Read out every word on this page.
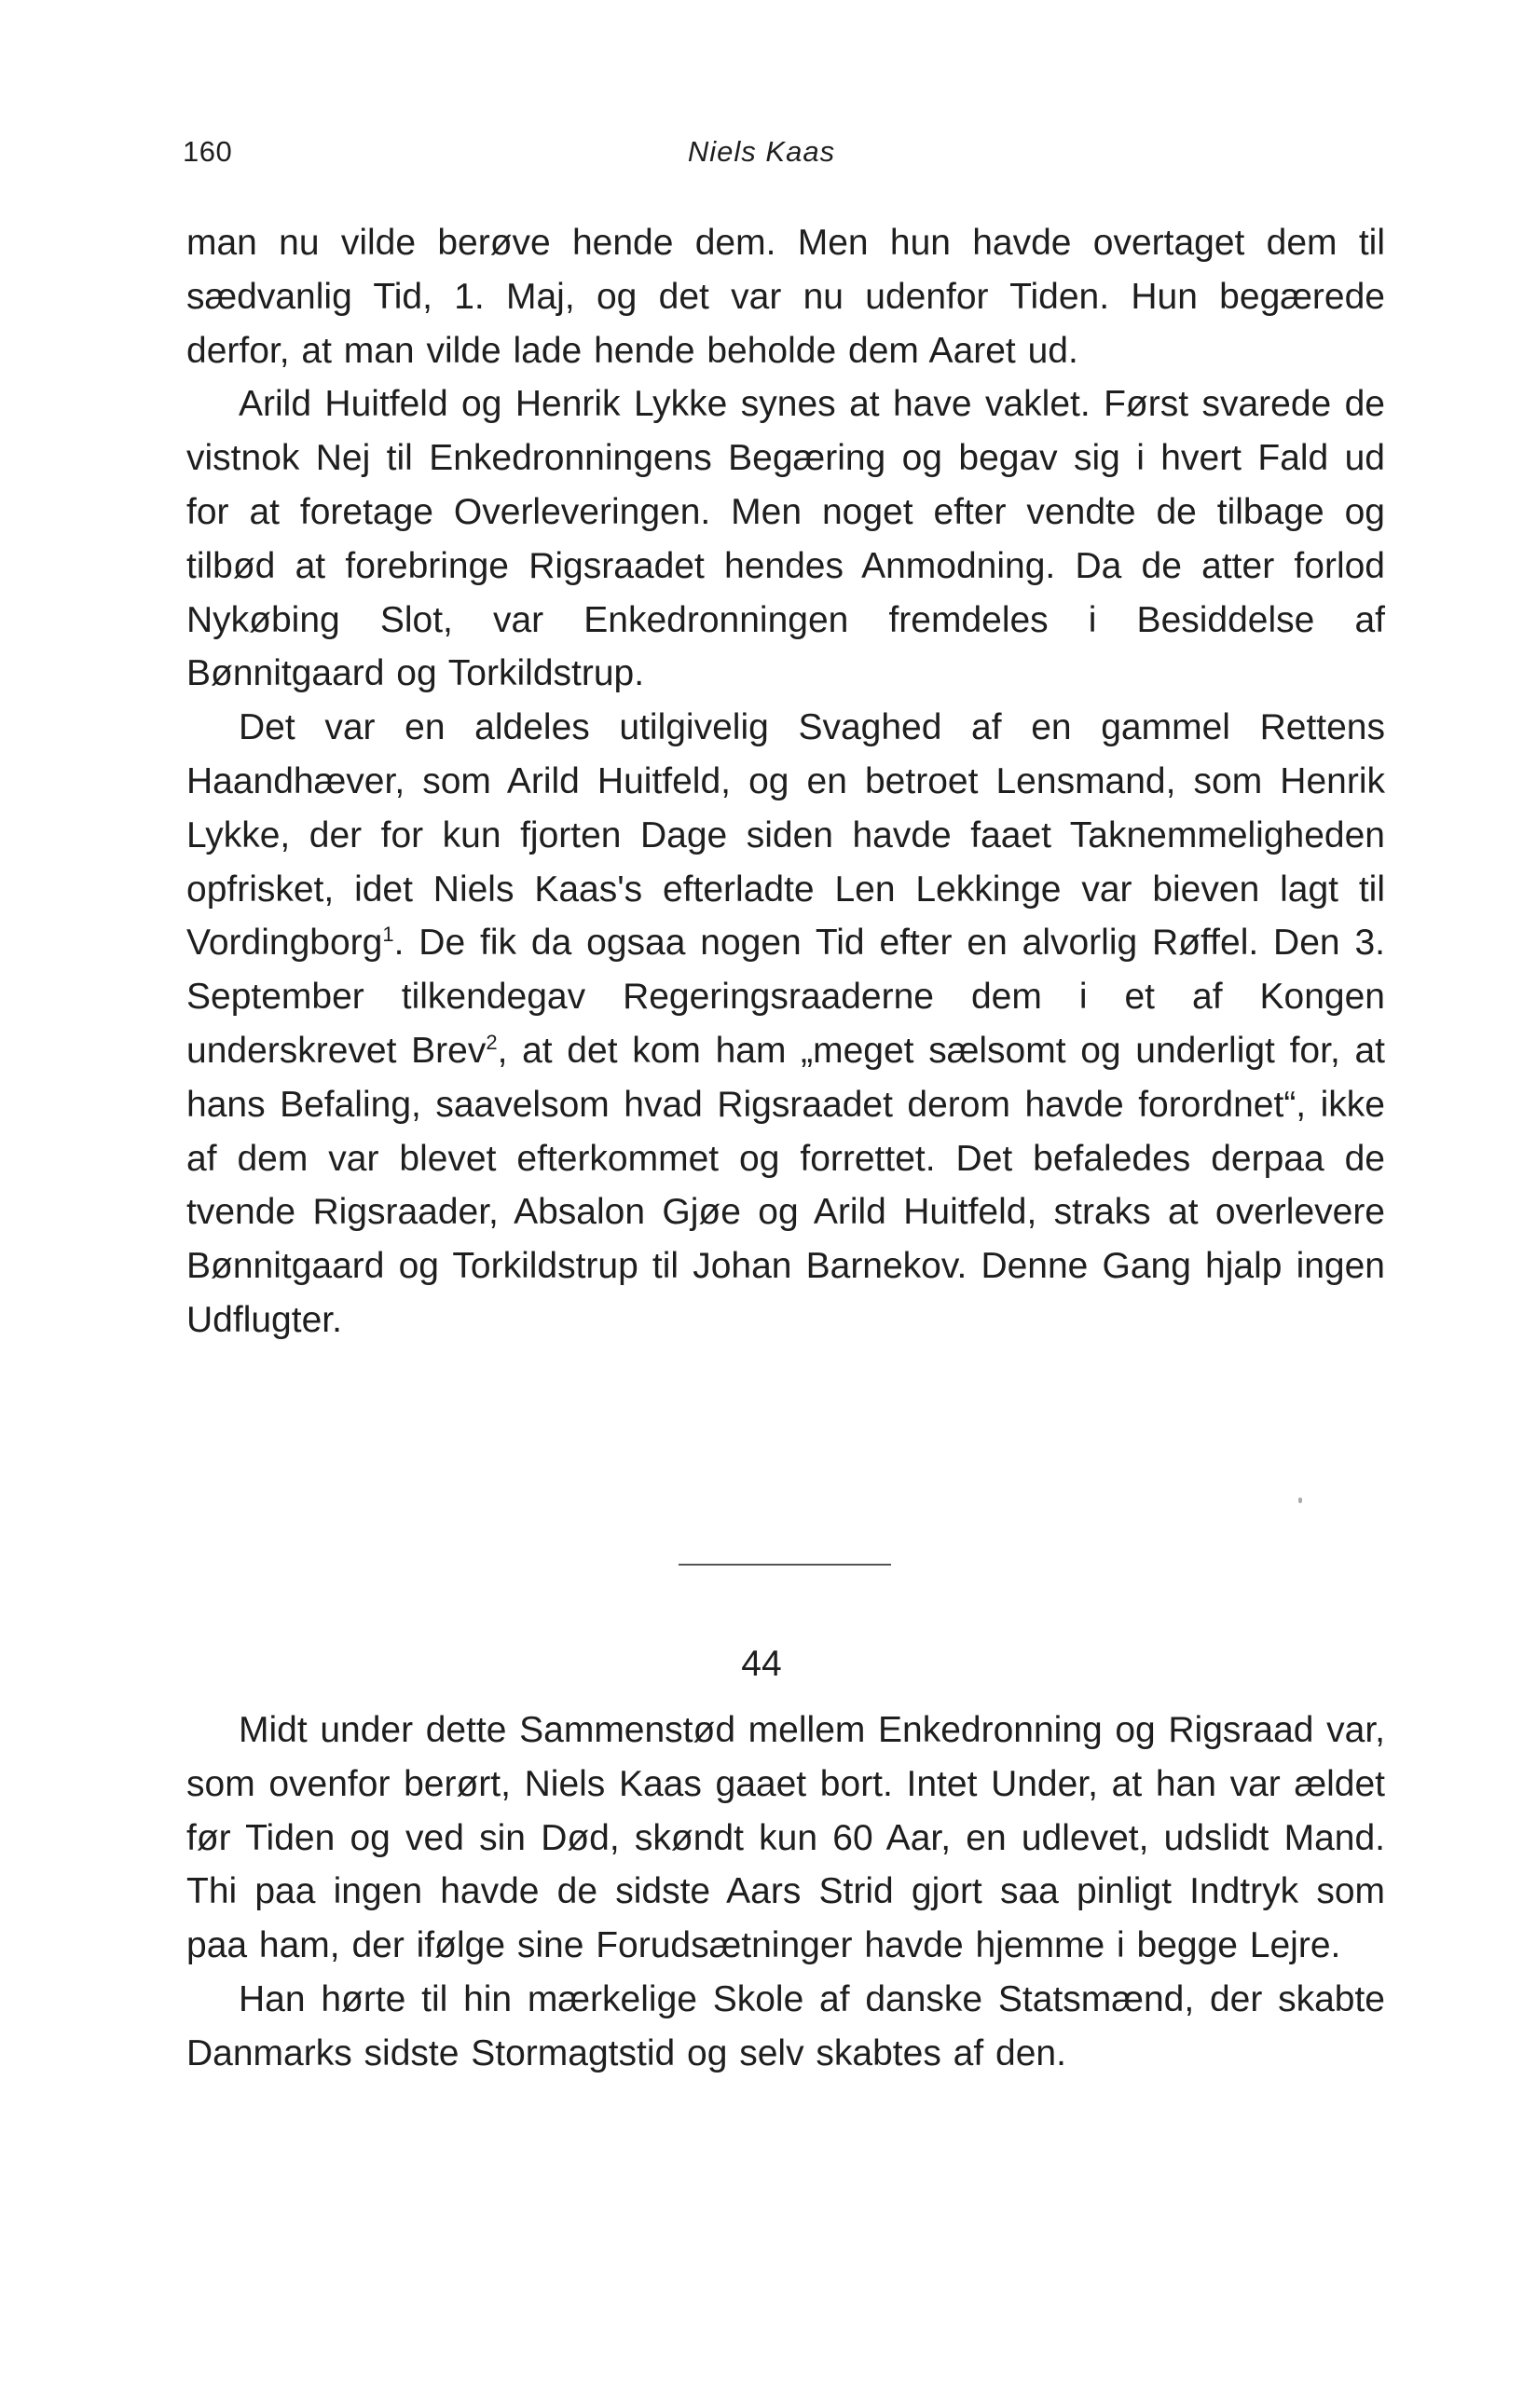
160	Niels Kaas

man nu vilde berøve hende dem. Men hun havde overtaget dem til sædvanlig Tid, 1. Maj, og det var nu udenfor Tiden. Hun begærede derfor, at man vilde lade hende beholde dem Aaret ud.

Arild Huitfeld og Henrik Lykke synes at have vaklet. Først svarede de vistnok Nej til Enkedronningens Begæring og begav sig i hvert Fald ud for at foretage Overleveringen. Men noget efter vendte de tilbage og tilbød at forebringe Rigsraadet hendes Anmodning. Da de atter forlod Nykøbing Slot, var Enkedronningen fremdeles i Besiddelse af Bønnitgaard og Torkildstrup.

Det var en aldeles utilgivelig Svaghed af en gammel Rettens Haandhæver, som Arild Huitfeld, og en betroet Lensmand, som Henrik Lykke, der for kun fjorten Dage siden havde faaet Taknemmeligheden opfrisket, idet Niels Kaas's efterladte Len Lekkinge var bieven lagt til Vordingborg$^1$. De fik da ogsaa nogen Tid efter en alvorlig Røffel. Den 3. September tilkendegav Regeringsraaderne dem i et af Kongen underskrevet Brev$^2$, at det kom ham „meget sælsomt og underligt for, at hans Befaling, saavelsom hvad Rigsraadet derom havde forordnet“, ikke af dem var blevet efterkommet og forrettet. Det befaledes derpaa de tvende Rigsraader, Absalon Gjøe og Arild Huitfeld, straks at overlevere Bønnitgaard og Torkildstrup til Johan Barnekov. Denne Gang hjalp ingen Udflugter.

44

Midt under dette Sammenstød mellem Enkedronning og Rigsraad var, som ovenfor berørt, Niels Kaas gaaet bort. Intet Under, at han var ældet før Tiden og ved sin Død, skøndt kun 60 Aar, en udlevet, udslidt Mand. Thi paa ingen havde de sidste Aars Strid gjort saa pinligt Indtryk som paa ham, der ifølge sine Forudsætninger havde hjemme i begge Lejre.

Han hørte til hin mærkelige Skole af danske Statsmænd, der skabte Danmarks sidste Stormagtstid og selv skabtes af den.
